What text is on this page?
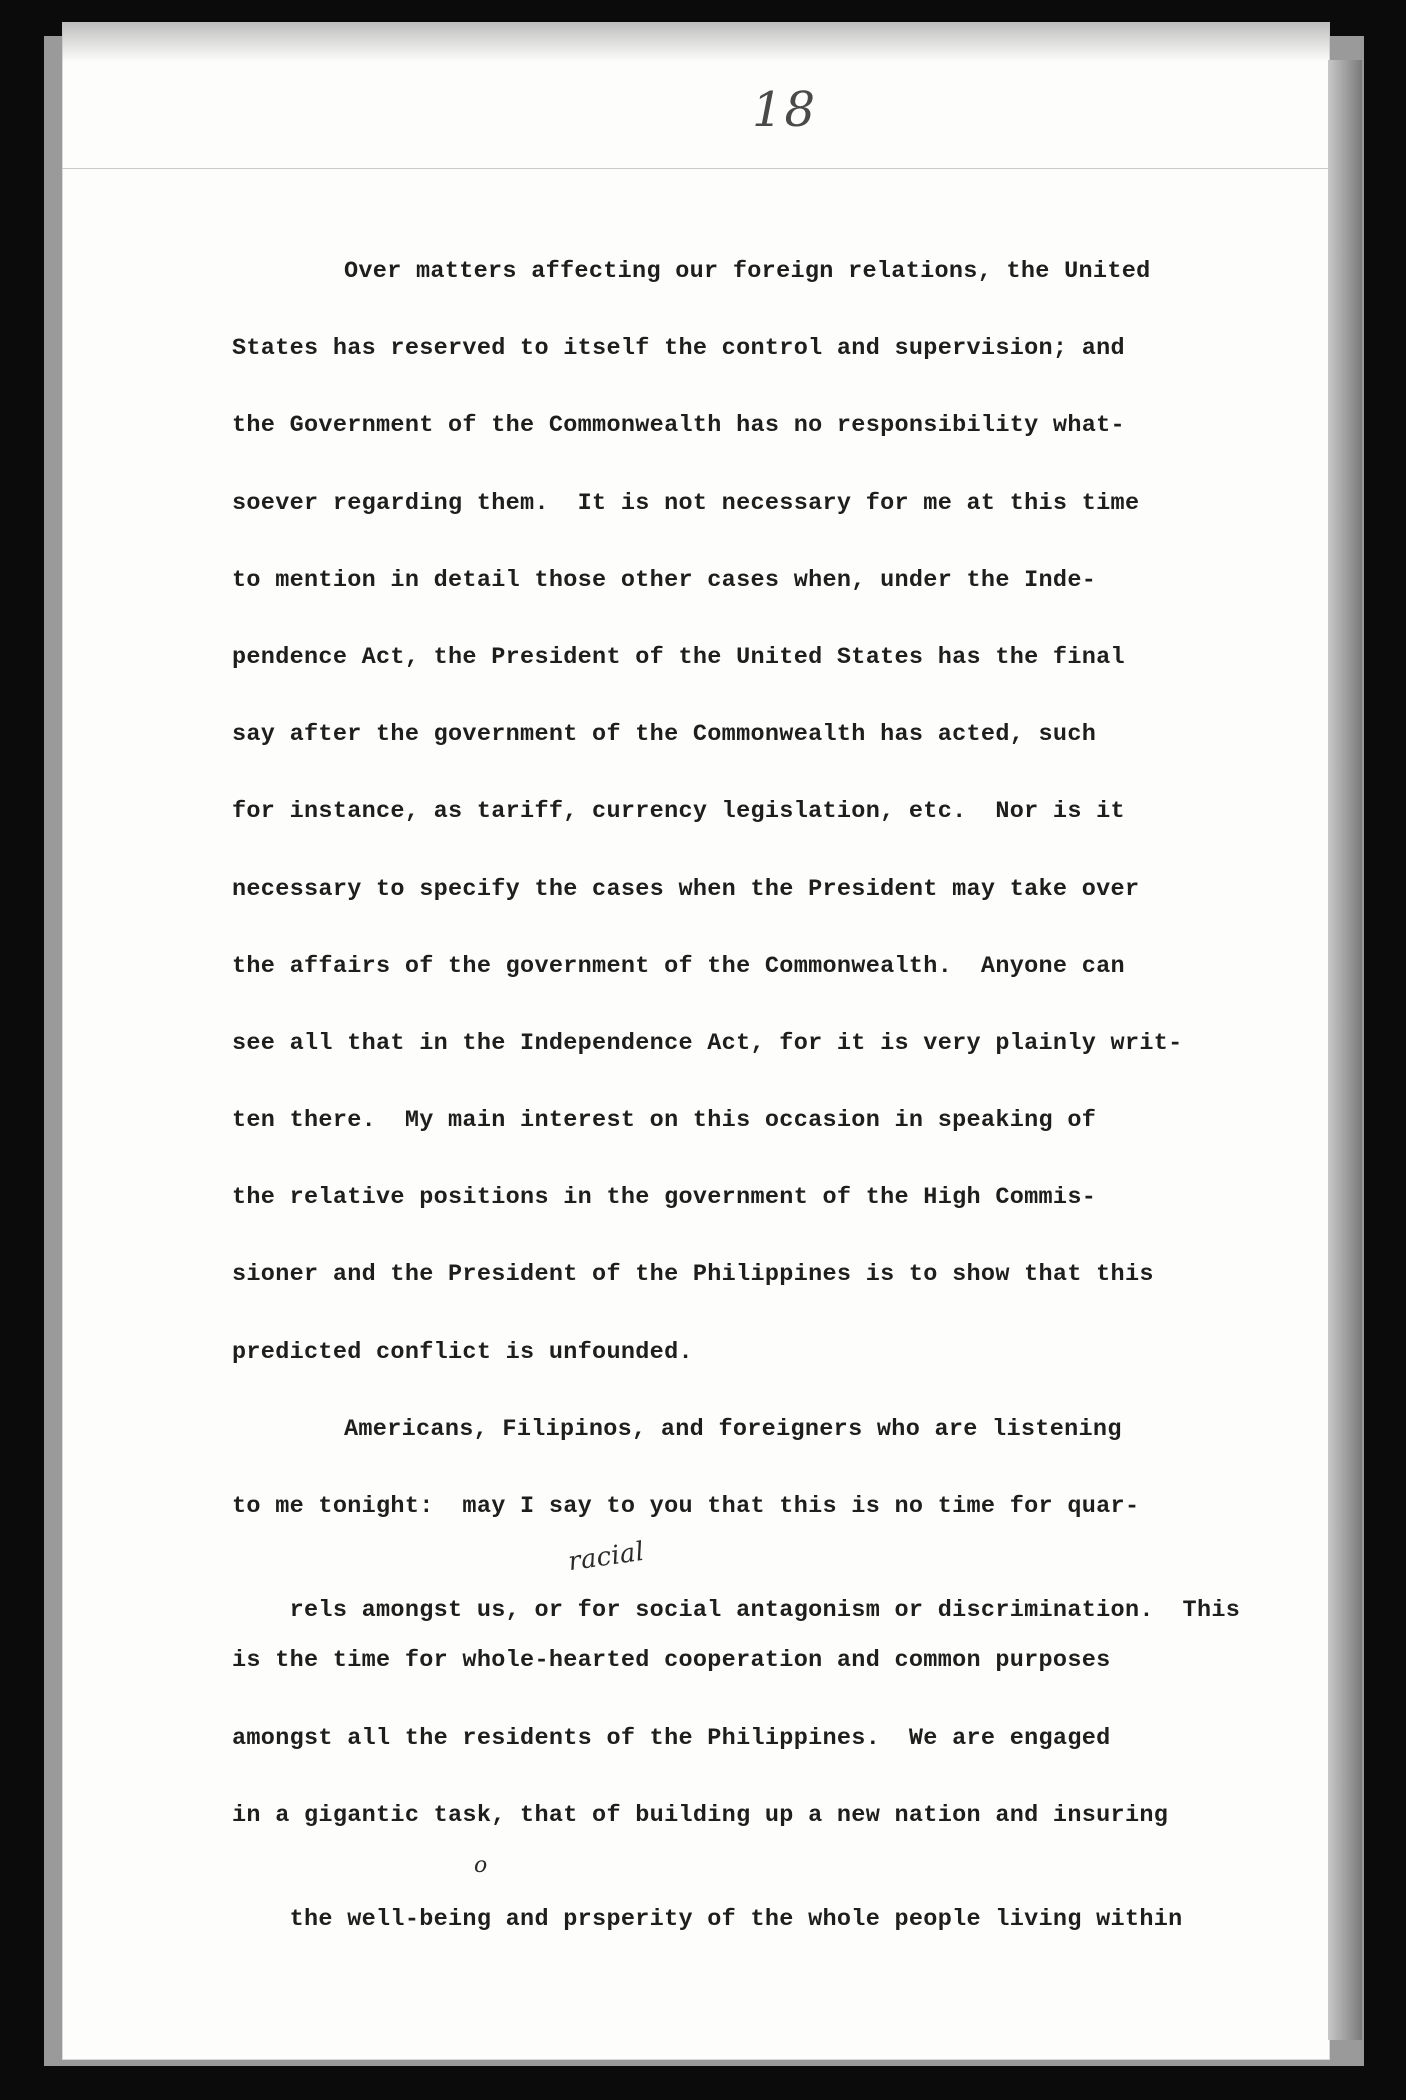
18
Over matters affecting our foreign relations, the United
States has reserved to itself the control and supervision; and
the Government of the Commonwealth has no responsibility what-
soever regarding them.  It is not necessary for me at this time
to mention in detail those other cases when, under the Inde-
pendence Act, the President of the United States has the final
say after the government of the Commonwealth has acted, such
for instance, as tariff, currency legislation, etc.  Nor is it
necessary to specify the cases when the President may take over
the affairs of the government of the Commonwealth.  Anyone can
see all that in the Independence Act, for it is very plainly writ-
ten there.  My main interest on this occasion in speaking of
the relative positions in the government of the High Commis-
sioner and the President of the Philippines is to show that this
predicted conflict is unfounded.
Americans, Filipinos, and foreigners who are listening
to me tonight:  may I say to you that this is no time for quar-

rels amongst us, or for social antagonism or discrimination.  This

racial

is the time for whole-hearted cooperation and common purposes
amongst all the residents of the Philippines.  We are engaged
in a gigantic task, that of building up a new nation and insuring

the well-being and prsperity of the whole people living within

o
